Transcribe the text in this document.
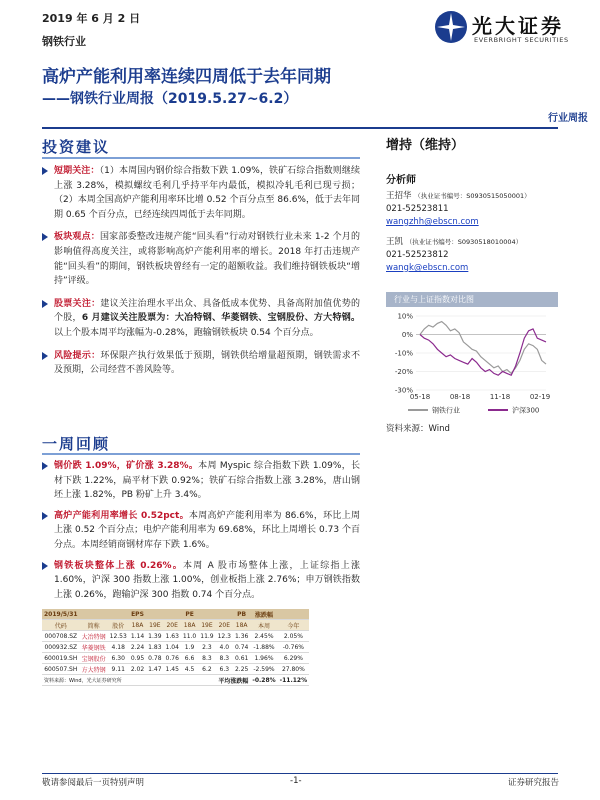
2019 年 6 月 2 日
钢铁行业
光大证券
EVERBRIGHT SECURITIES
高炉产能利用率连续四周低于去年同期
——钢铁行业周报（2019.5.27~6.2）
行业周报
投资建议

短期关注：（1）本周国内钢价综合指数下跌 1.09%，铁矿石综合指数则继续上涨 3.28%，模拟螺纹毛利几乎持平年内最低，模拟冷轧毛利已现亏损；（2）本周全国高炉产能利用率环比增 0.52 个百分点至 86.6%，低于去年同期 0.65 个百分点，已经连续四周低于去年同期。

板块观点：国家部委整改违规产能“回头看”行动对钢铁行业未来 1-2 个月的影响值得高度关注，或将影响高炉产能利用率的增长。2018 年打击违规产能“回头看”的期间，钢铁板块曾经有一定的超额收益。我们维持钢铁板块“增持”评级。

股票关注：建议关注治理水平出众、具备低成本优势、具备高附加值优势的个股，6 月建议关注股票为：大冶特钢、华菱钢铁、宝钢股份、方大特钢。以上个股本周平均涨幅为-0.28%，跑输钢铁板块 0.54 个百分点。

风险提示：环保限产执行效果低于预期，钢铁供给增量超预期，钢铁需求不及预期，公司经营不善风险等。

一周回顾

钢价跌 1.09%，矿价涨 3.28%。本周 Myspic 综合指数下跌 1.09%，长材下跌 1.22%，扁平材下跌 0.92%；铁矿石综合指数上涨 3.28%，唐山钢坯上涨 1.82%，PB 粉矿上升 3.4%。

高炉产能利用率增长 0.52pct。本周高炉产能利用率为 86.6%，环比上周上涨 0.52 个百分点；电炉产能利用率为 69.68%，环比上周增长 0.73 个百分点。本周经销商钢材库存下跌 1.6%。

钢铁板块整体上涨 0.26%。本周 A 股市场整体上涨，上证综指上涨 1.60%，沪深 300 指数上涨 1.00%，创业板指上涨 2.76%；申万钢铁指数上涨 0.26%，跑输沪深 300 指数 0.74 个百分点。

2019/5/31			EPS			PE			PB	涨跌幅	
代码	简称	股价	18A	19E	20E	18A	19E	20E	18A	本周	今年
000708.SZ	大冶特钢	12.53	1.14	1.39	1.63	11.0	11.9	12.3	1.36	2.45%	2.05%
000932.SZ	华菱钢铁	4.18	2.24	1.83	1.04	1.9	2.3	4.0	0.74	-1.88%	-0.76%
600019.SH	宝钢股份	6.30	0.95	0.78	0.76	6.6	8.3	8.3	0.61	1.96%	6.29%
600507.SH	方大特钢	9.11	2.02	1.47	1.45	4.5	6.2	6.3	2.25	-2.59%	27.80%
资料来源：Wind，光大证券研究所					平均涨跌幅					-0.28%	-11.12%
增持（维持）
分析师
王招华 （执业证书编号：S0930515050001）
021-52523811
wangzhh@ebscn.com
王凯 （执业证书编号：S0930518010004）
021-52523812
wangk@ebscn.com
行业与上证指数对比图
10%
0%
-10%
-20%
-30%
05-18	08-18	11-18	02-19
钢铁行业	沪深300
资料来源：Wind
敬请参阅最后一页特别声明	-1-	证券研究报告
